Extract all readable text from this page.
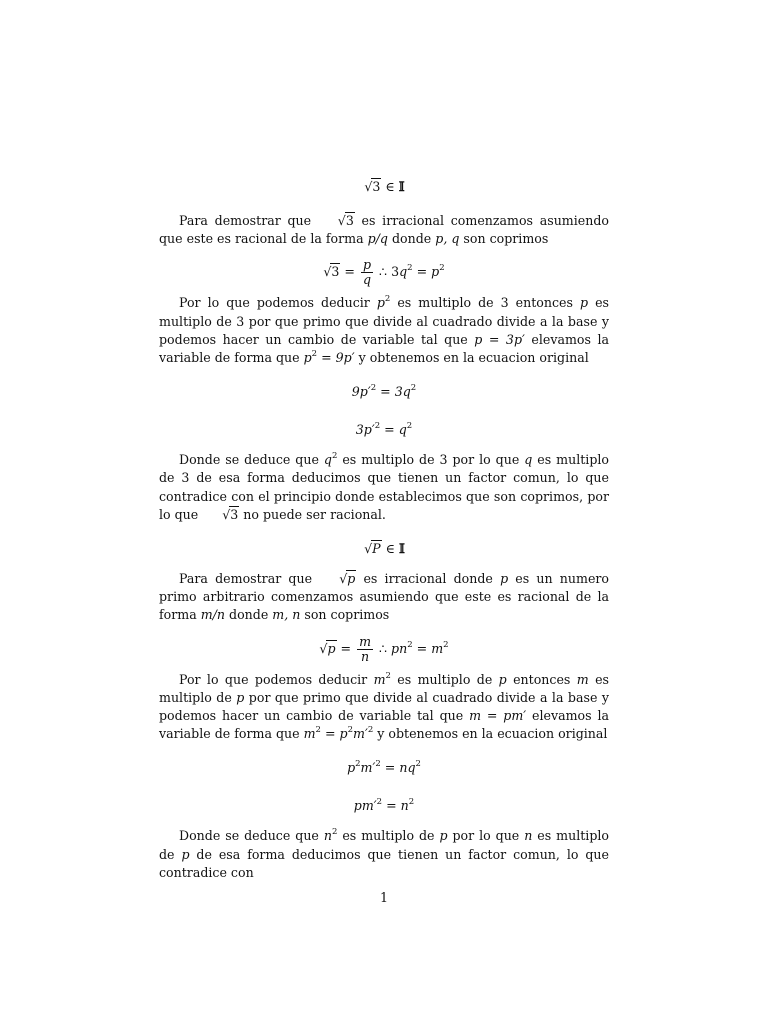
√3 ∈ 𝕀

Para demostrar que √3 es irracional comenzamos asumiendo que este es racional de la forma p/q donde p, q son coprimos

$√3 = \frac{p}{q}$ ∴ $3q^2 = p^2$

Por lo que podemos deducir $p^2$ es multiplo de 3 entonces p es multiplo de 3 por que primo que divide al cuadrado divide a la base y podemos hacer un cambio de variable tal que p = 3p′ elevamos la variable de forma que $p^2 = 9p'$ y obtenemos en la ecuacion original

$9p'^2 = 3q^2$
$3p'^2 = q^2$

Donde se deduce que $q^2$ es multiplo de 3 por lo que q es multiplo de 3 de esa forma deducimos que tienen un factor comun, lo que contradice con el principio donde establecimos que son coprimos, por lo que √3 no puede ser racional.

√P ∈ 𝕀

Para demostrar que √p es irracional donde p es un numero primo arbitrario comenzamos asumiendo que este es racional de la forma m/n donde m, n son coprimos

$√p = \frac{m}{n}$ ∴ $pn^2 = m^2$

Por lo que podemos deducir $m^2$ es multiplo de p entonces m es multiplo de p por que primo que divide al cuadrado divide a la base y podemos hacer un cambio de variable tal que m = pm′ elevamos la variable de forma que $m^2 = p^2m'^2$ y obtenemos en la ecuacion original

$p^2m'^2 = nq^2$
$pm'^2 = n^2$

Donde se deduce que $n^2$ es multiplo de p por lo que n es multiplo de p de esa forma deducimos que tienen un factor comun, lo que contradice con

1
